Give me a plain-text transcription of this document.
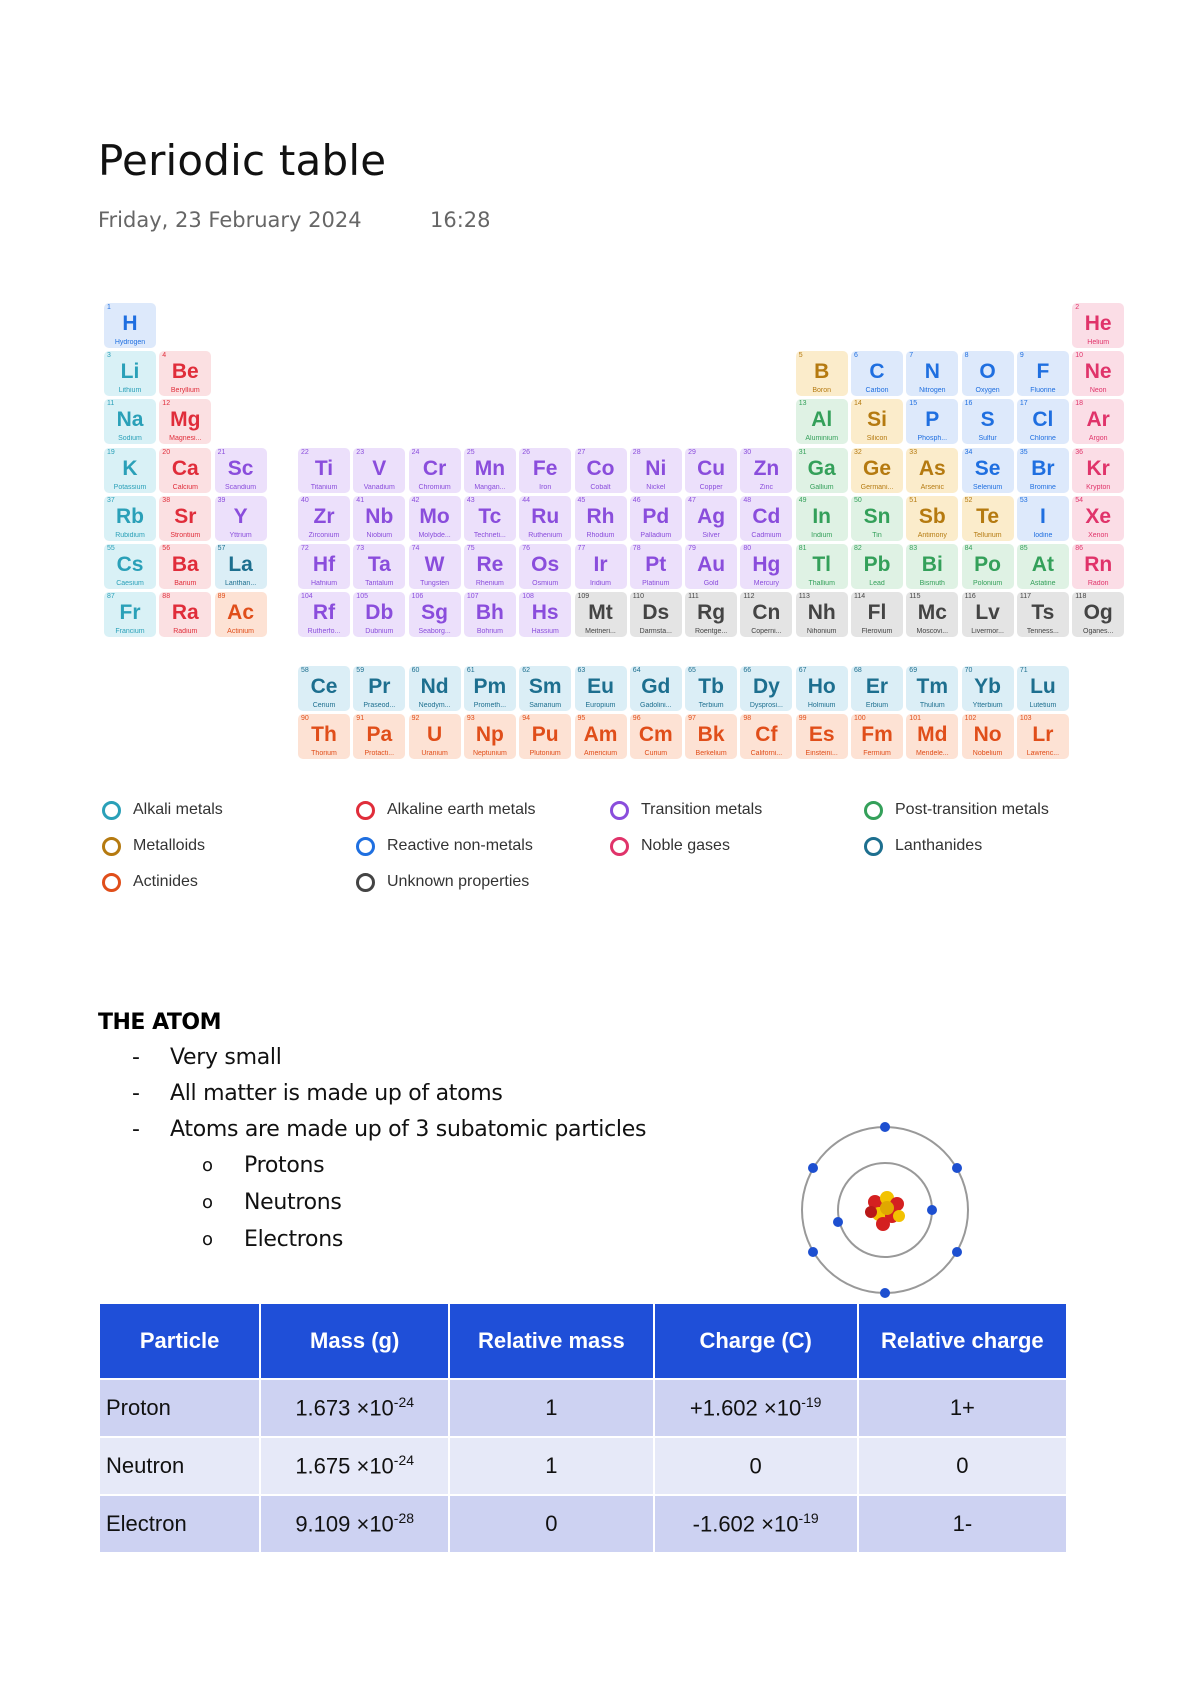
Periodic table
Friday, 23 February 2024	16:28
1
H
Hydrogen
2
He
Helium
3
Li
Lithium
4
Be
Beryllium
5
B
Boron
6
C
Carbon
7
N
Nitrogen
8
O
Oxygen
9
F
Fluorine
10
Ne
Neon
11
Na
Sodium
12
Mg
Magnesi...
13
Al
Aluminium
14
Si
Silicon
15
P
Phosph...
16
S
Sulfur
17
Cl
Chlorine
18
Ar
Argon
19
K
Potassium
20
Ca
Calcium
21
Sc
Scandium
22
Ti
Titanium
23
V
Vanadium
24
Cr
Chromium
25
Mn
Mangan...
26
Fe
Iron
27
Co
Cobalt
28
Ni
Nickel
29
Cu
Copper
30
Zn
Zinc
31
Ga
Gallium
32
Ge
Germani...
33
As
Arsenic
34
Se
Selenium
35
Br
Bromine
36
Kr
Krypton
37
Rb
Rubidium
38
Sr
Strontium
39
Y
Yttrium
40
Zr
Zirconium
41
Nb
Niobium
42
Mo
Molybde...
43
Tc
Techneti...
44
Ru
Ruthenium
45
Rh
Rhodium
46
Pd
Palladium
47
Ag
Silver
48
Cd
Cadmium
49
In
Indium
50
Sn
Tin
51
Sb
Antimony
52
Te
Tellurium
53
I
Iodine
54
Xe
Xenon
55
Cs
Caesium
56
Ba
Barium
57
La
Lanthan...
72
Hf
Hafnium
73
Ta
Tantalum
74
W
Tungsten
75
Re
Rhenium
76
Os
Osmium
77
Ir
Iridium
78
Pt
Platinum
79
Au
Gold
80
Hg
Mercury
81
Tl
Thallium
82
Pb
Lead
83
Bi
Bismuth
84
Po
Polonium
85
At
Astatine
86
Rn
Radon
87
Fr
Francium
88
Ra
Radium
89
Ac
Actinium
104
Rf
Rutherfo...
105
Db
Dubnium
106
Sg
Seaborg...
107
Bh
Bohrium
108
Hs
Hassium
109
Mt
Meitneri...
110
Ds
Darmsta...
111
Rg
Roentge...
112
Cn
Coperni...
113
Nh
Nihonium
114
Fl
Flerovium
115
Mc
Moscovi...
116
Lv
Livermor...
117
Ts
Tenness...
118
Og
Oganes...
58
Ce
Cerium
59
Pr
Praseod...
60
Nd
Neodym...
61
Pm
Prometh...
62
Sm
Samarium
63
Eu
Europium
64
Gd
Gadolini...
65
Tb
Terbium
66
Dy
Dysprosi...
67
Ho
Holmium
68
Er
Erbium
69
Tm
Thulium
70
Yb
Ytterbium
71
Lu
Lutetium
90
Th
Thorium
91
Pa
Protacti...
92
U
Uranium
93
Np
Neptunium
94
Pu
Plutonium
95
Am
Americium
96
Cm
Curium
97
Bk
Berkelium
98
Cf
Californi...
99
Es
Einsteini...
100
Fm
Fermium
101
Md
Mendele...
102
No
Nobelium
103
Lr
Lawrenc...
Alkali metals	Alkaline earth metals	Transition metals	Post-transition metals
Metalloids	Reactive non-metals	Noble gases	Lanthanides
Actinides	Unknown properties
THE ATOM
- Very small
- All matter is made up of atoms
- Atoms are made up of 3 subatomic particles
o Protons
o Neutrons
o Electrons
Particle	Mass (g)	Relative mass	Charge (C)	Relative charge
Proton	$1.673 \times 10^{-24}$	1	$+1.602 \times 10^{-19}$	1+
Neutron	$1.675 \times 10^{-24}$	1	0	0
Electron	$9.109 \times 10^{-28}$	0	$-1.602 \times 10^{-19}$	1-
